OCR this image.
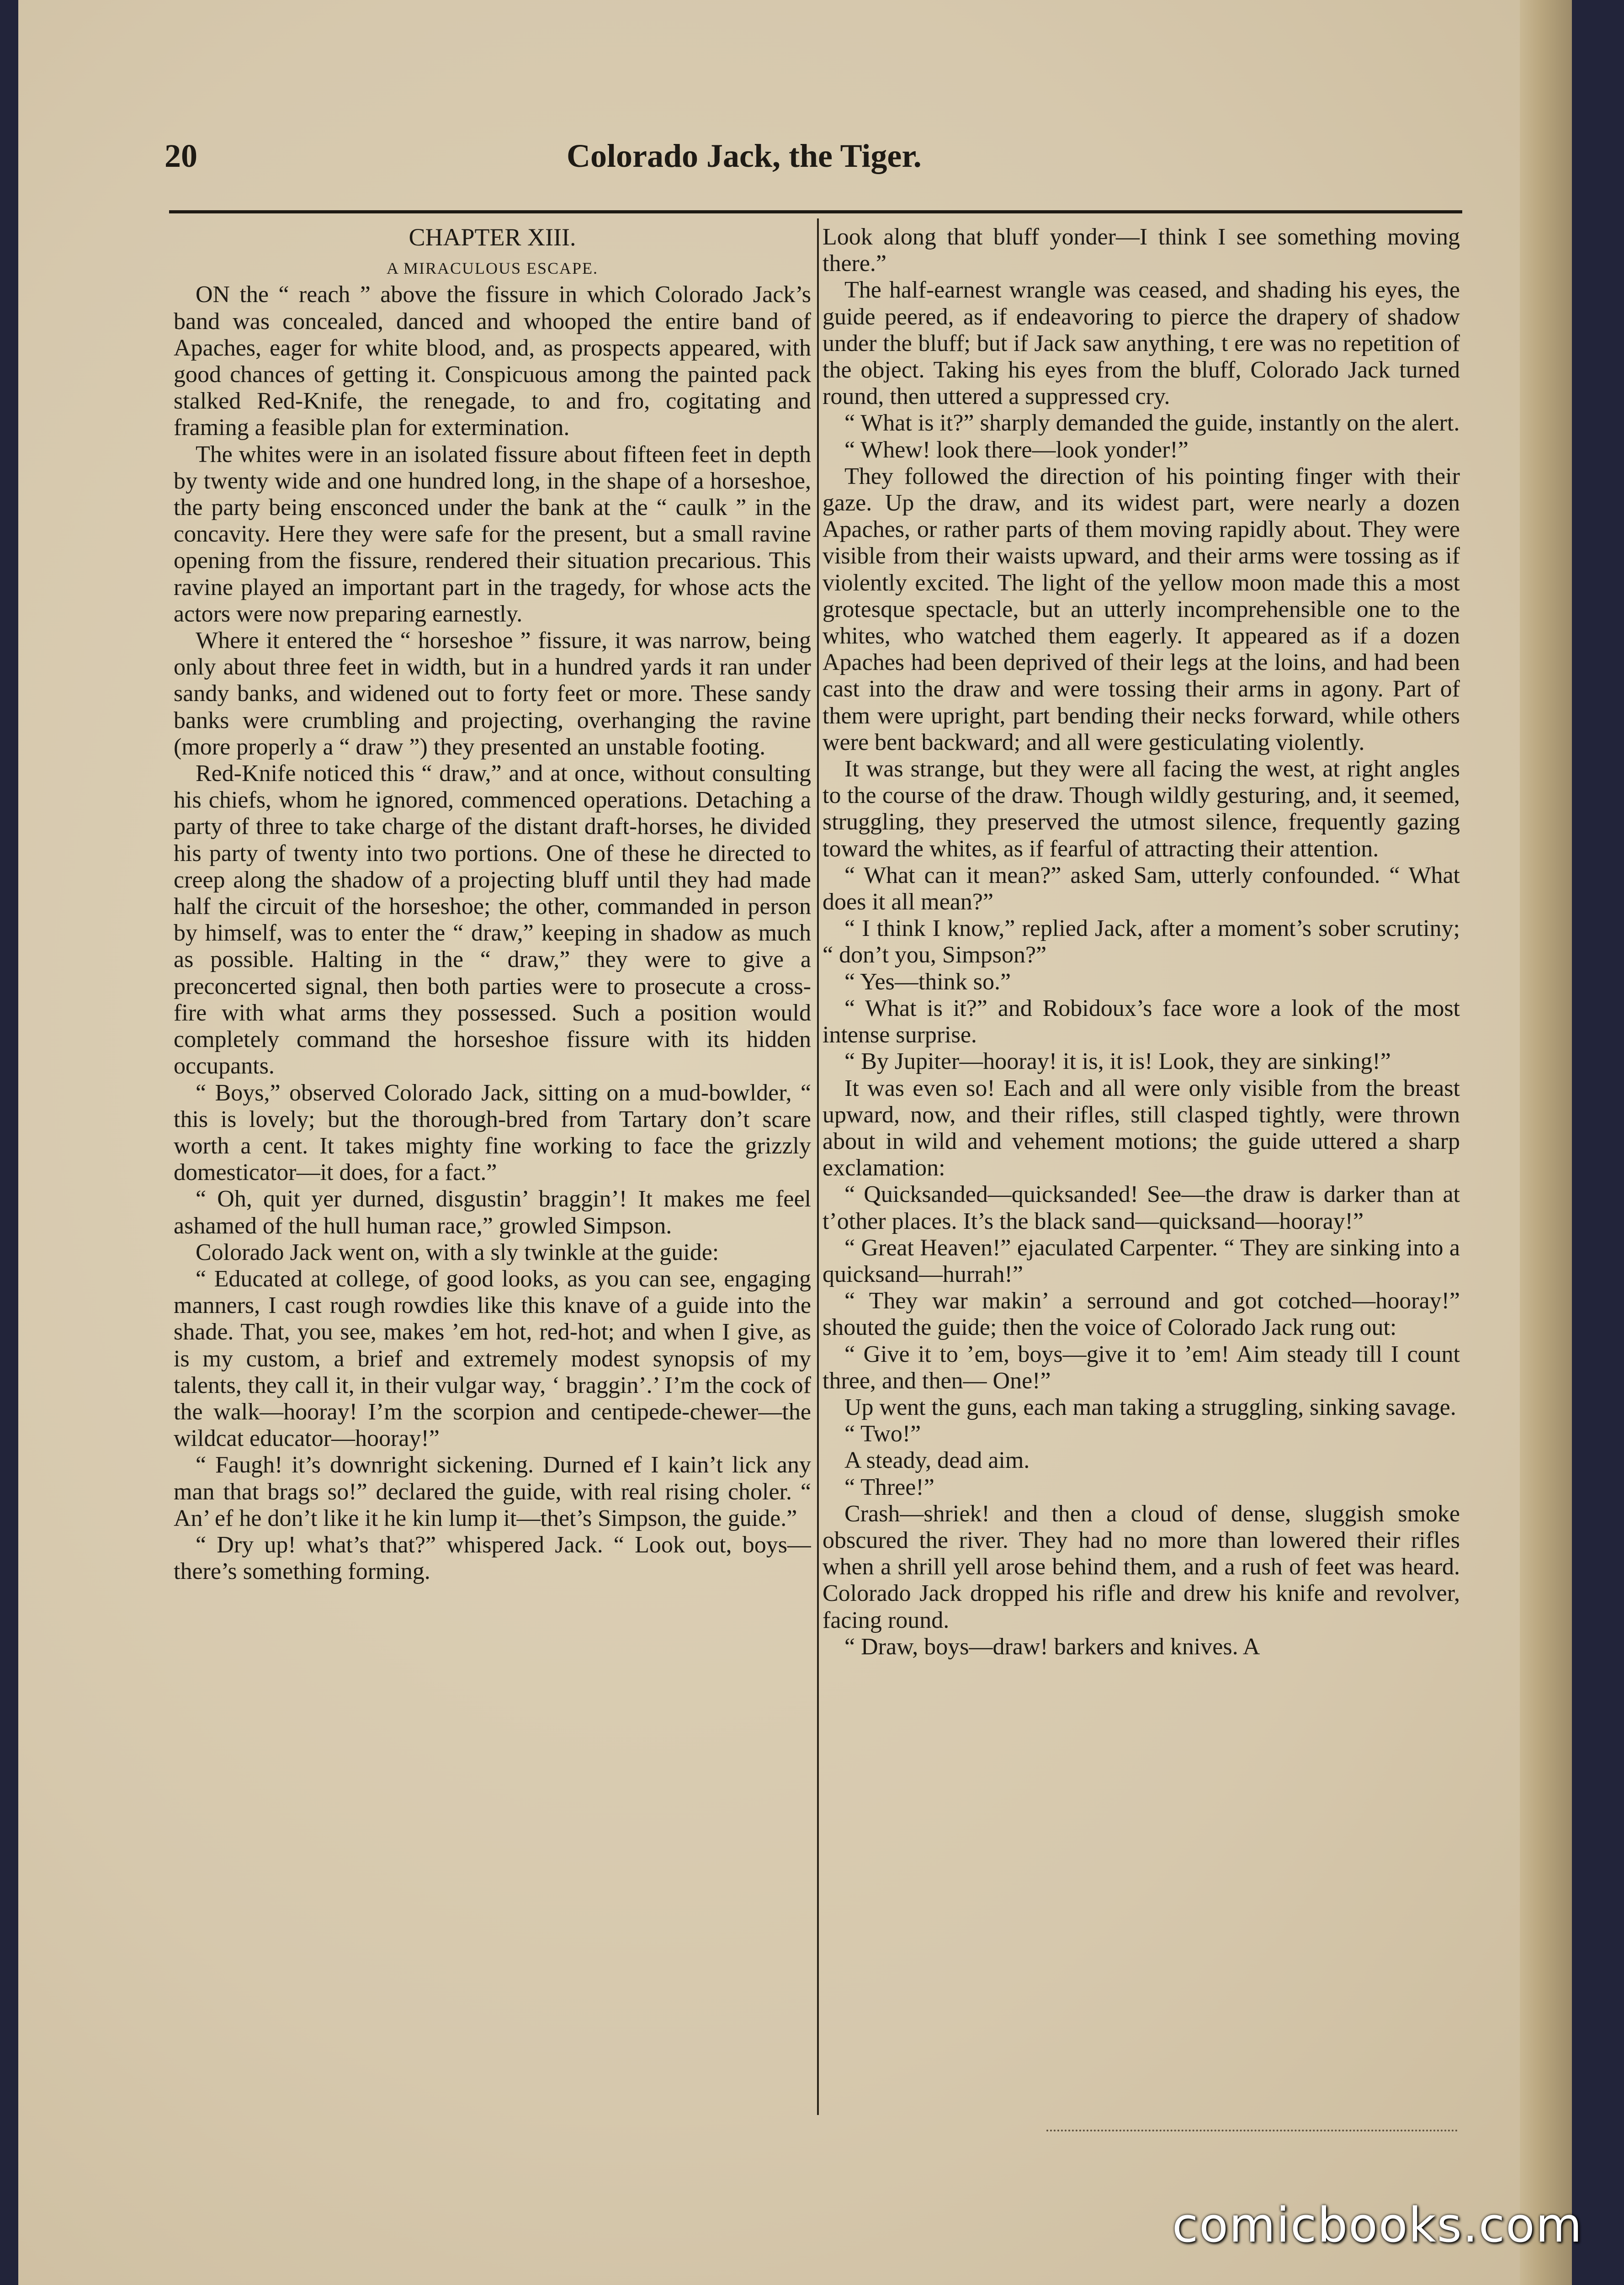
20	Colorado Jack, the Tiger.

CHAPTER XIII.

A MIRACULOUS ESCAPE.

ON the “ reach ” above the fissure in which Colorado Jack’s band was concealed, danced and whooped the entire band of Apaches, eager for white blood, and, as prospects appeared, with good chances of getting it. Conspicuous among the painted pack stalked Red-Knife, the renegade, to and fro, cogitating and framing a feasible plan for extermination.

The whites were in an isolated fissure about fifteen feet in depth by twenty wide and one hundred long, in the shape of a horseshoe, the party being ensconced under the bank at the “ caulk ” in the concavity. Here they were safe for the present, but a small ravine opening from the fissure, rendered their situation precarious. This ravine played an important part in the tragedy, for whose acts the actors were now preparing earnestly.

Where it entered the “ horseshoe ” fissure, it was narrow, being only about three feet in width, but in a hundred yards it ran under sandy banks, and widened out to forty feet or more. These sandy banks were crumbling and projecting, overhanging the ravine (more properly a “ draw ”) they presented an unstable footing.

Red-Knife noticed this “ draw,” and at once, without consulting his chiefs, whom he ignored, commenced operations. Detaching a party of three to take charge of the distant draft-horses, he divided his party of twenty into two portions. One of these he directed to creep along the shadow of a projecting bluff until they had made half the circuit of the horseshoe; the other, commanded in person by himself, was to enter the “ draw,” keeping in shadow as much as possible. Halting in the “ draw,” they were to give a preconcerted signal, then both parties were to prosecute a cross-fire with what arms they possessed. Such a position would completely command the horseshoe fissure with its hidden occupants.

“ Boys,” observed Colorado Jack, sitting on a mud-bowlder, “ this is lovely; but the thorough-bred from Tartary don’t scare worth a cent. It takes mighty fine working to face the grizzly domesticator—it does, for a fact.”

“ Oh, quit yer durned, disgustin’ braggin’! It makes me feel ashamed of the hull human race,” growled Simpson.

Colorado Jack went on, with a sly twinkle at the guide:

“ Educated at college, of good looks, as you can see, engaging manners, I cast rough rowdies like this knave of a guide into the shade. That, you see, makes ’em hot, red-hot; and when I give, as is my custom, a brief and extremely modest synopsis of my talents, they call it, in their vulgar way, ‘ braggin’.’ I’m the cock of the walk—hooray! I’m the scorpion and centipede-chewer—the wildcat educator—hooray!”

“ Faugh! it’s downright sickening. Durned ef I kain’t lick any man that brags so!” declared the guide, with real rising choler. “ An’ ef he don’t like it he kin lump it—thet’s Simpson, the guide.”

“ Dry up! what’s that?” whispered Jack. “ Look out, boys—there’s something forming.

Look along that bluff yonder—I think I see something moving there.”

The half-earnest wrangle was ceased, and shading his eyes, the guide peered, as if endeavoring to pierce the drapery of shadow under the bluff; but if Jack saw anything, t ere was no repetition of the object. Taking his eyes from the bluff, Colorado Jack turned round, then uttered a suppressed cry.

“ What is it?” sharply demanded the guide, instantly on the alert.

“ Whew! look there—look yonder!”

They followed the direction of his pointing finger with their gaze. Up the draw, and its widest part, were nearly a dozen Apaches, or rather parts of them moving rapidly about. They were visible from their waists upward, and their arms were tossing as if violently excited. The light of the yellow moon made this a most grotesque spectacle, but an utterly incomprehensible one to the whites, who watched them eagerly. It appeared as if a dozen Apaches had been deprived of their legs at the loins, and had been cast into the draw and were tossing their arms in agony. Part of them were upright, part bending their necks forward, while others were bent backward; and all were gesticulating violently.

It was strange, but they were all facing the west, at right angles to the course of the draw. Though wildly gesturing, and, it seemed, struggling, they preserved the utmost silence, frequently gazing toward the whites, as if fearful of attracting their attention.

“ What can it mean?” asked Sam, utterly confounded. “ What does it all mean?”

“ I think I know,” replied Jack, after a moment’s sober scrutiny; “ don’t you, Simpson?”

“ Yes—think so.”

“ What is it?” and Robidoux’s face wore a look of the most intense surprise.

“ By Jupiter—hooray! it is, it is! Look, they are sinking!”

It was even so! Each and all were only visible from the breast upward, now, and their rifles, still clasped tightly, were thrown about in wild and vehement motions; the guide uttered a sharp exclamation:

“ Quicksanded—quicksanded! See—the draw is darker than at t’other places. It’s the black sand—quicksand—hooray!”

“ Great Heaven!” ejaculated Carpenter. “ They are sinking into a quicksand—hurrah!”

“ They war makin’ a serround and got cotched—hooray!” shouted the guide; then the voice of Colorado Jack rung out:

“ Give it to ’em, boys—give it to ’em! Aim steady till I count three, and then— One!”

Up went the guns, each man taking a struggling, sinking savage.

“ Two!”

A steady, dead aim.

“ Three!”

Crash—shriek! and then a cloud of dense, sluggish smoke obscured the river. They had no more than lowered their rifles when a shrill yell arose behind them, and a rush of feet was heard. Colorado Jack dropped his rifle and drew his knife and revolver, facing round.

“ Draw, boys—draw! barkers and knives. A

comicbooks.com
